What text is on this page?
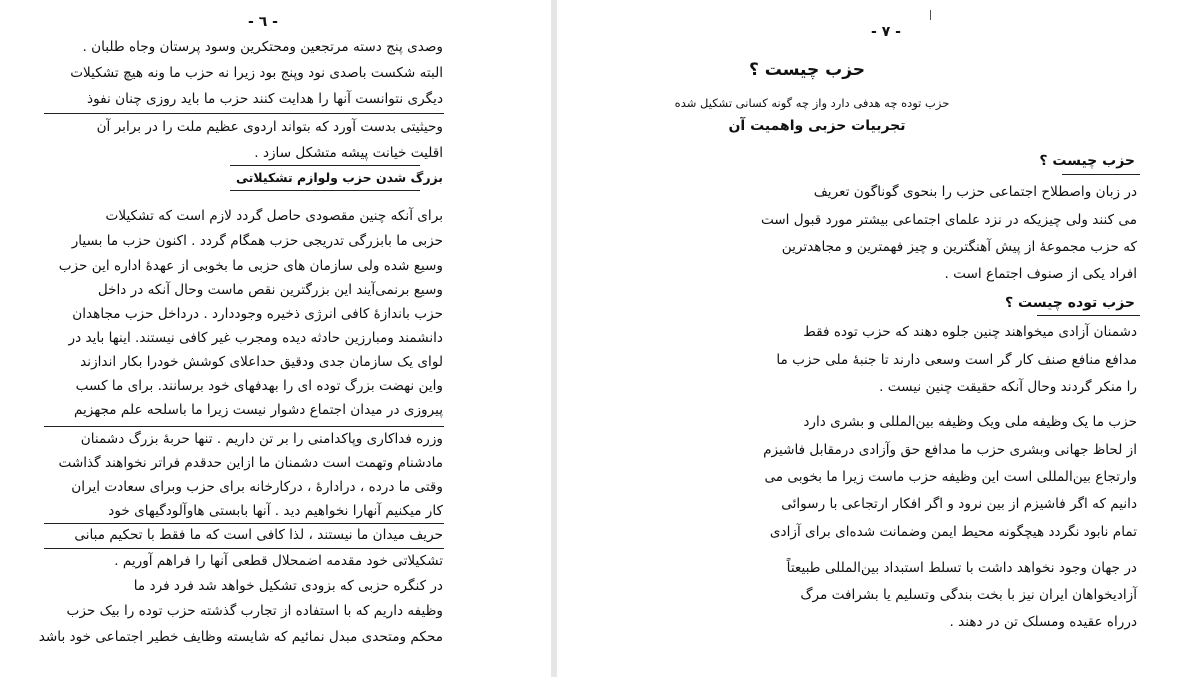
- ٦ -
وصدی پنج دسته مرتجعین ومحتکرین وسود پرستان وجاه طلبان .
البته شکست باصدی نود وپنج بود زیرا نه حزب ما ونه هیچ تشکیلات
دیگری نتوانست آنها را هدایت کنند حزب ما باید روزی چنان نفوذ
وحیثیتی بدست آورد که بتواند اردوی عظیم ملت را در برابر آن
اقلیت خیانت پیشه متشکل سازد .
بزرگ شدن حزب ولوازم تشکیلاتی
برای آنکه چنین مقصودی حاصل گردد لازم است که تشکیلات
حزبی ما بابزرگی تدریجی حزب همگام گردد . اکنون حزب ما بسیار
وسیع شده ولی سازمان های حزبی ما بخوبی از عهدهٔ اداره این حزب
وسیع برنمی‌آیند این بزرگترین نقص ماست وحال آنکه در داخل
حزب باندازهٔ کافی انرژی ذخیره وجوددارد . درداخل حزب مجاهدان
دانشمند ومبارزین حادثه دیده ومجرب غیر کافی نیستند. اینها باید در
لوای یک سازمان جدی ودقیق حداعلای کوشش خودرا بکار اندازند
واین نهضت بزرگ توده ای را بهدفهای خود برسانند. برای ما کسب
پیروزی در میدان اجتماع دشوار نیست زیرا ما باسلحه علم مجهزیم
وزره فداکاری وپاکدامنی را بر تن داریم . تنها حربهٔ بزرگ دشمنان
مادشنام وتهمت است دشمنان ما ازاین حدقدم فراتر نخواهند گذاشت
وقتی ما درده ، درادارهٔ ، درکارخانه برای حزب وبرای سعادت ایران
کار میکنیم آنهارا نخواهیم دید . آنها بابستی هاوآلودگیهای خود
حریف میدان ما نیستند ، لذا کافی است که ما فقط با تحکیم مبانی
تشکیلاتی خود مقدمه اضمحلال قطعی آنها را فراهم آوریم .
در کنگره حزبی که بزودی تشکیل خواهد شد فرد فرد ما
وظیفه داریم که با استفاده از تجارب گذشته حزب توده را بیک حزب
محکم ومتحدی مبدل نمائیم که شایسته وظایف خطیر اجتماعی خود باشد
- ٧ -
حزب چیست ؟
حزب توده چه هدفی دارد واز چه گونه کسانی تشکیل شده
تجربیات حزبی واهمیت آن
حزب چیست ؟
در زبان واصطلاح اجتماعی حزب را بنحوی گوناگون تعریف
می کنند ولی چیزیکه در نزد علمای اجتماعی بیشتر مورد قبول است
که حزب مجموعهٔ از پیش آهنگترین و چیز فهمترین و مجاهدترین
افراد یکی از صنوف اجتماع است .
حزب توده چیست ؟
دشمنان آزادی میخواهند چنین جلوه دهند که حزب توده فقط
مدافع منافع صنف کار گر است وسعی دارند تا جنبهٔ ملی حزب ما
را منکر گردند وحال آنکه حقیقت چنین نیست .
حزب ما یک وظیفه ملی ویک وظیفه بین‌المللی و بشری دارد
از لحاظ جهانی وبشری حزب ما مدافع حق وآزادی درمقابل فاشیزم
وارتجاع بین‌المللی است این وظیفه حزب ماست زیرا ما بخوبی می
دانیم که اگر فاشیزم از بین نرود و اگر افکار ارتجاعی با رسوائی
تمام نابود نگردد هیچگونه محیط ایمن وضمانت شده‌ای برای آزادی
در جهان وجود نخواهد داشت با تسلط استبداد بین‌المللی طبیعتاً
آزادیخواهان ایران نیز با بخت بندگی وتسلیم یا بشرافت مرگ
درراه عقیده ومسلک تن در دهند .
